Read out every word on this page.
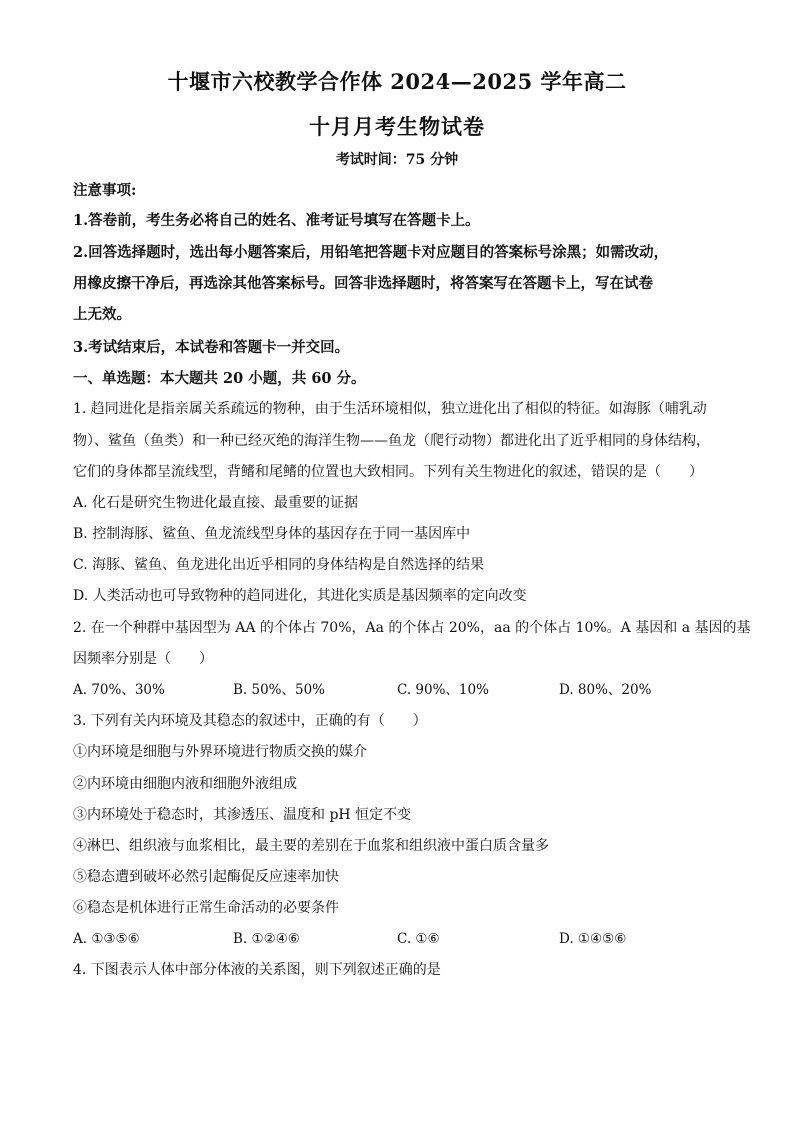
十堰市六校教学合作体 2024—2025 学年高二
十月月考生物试卷
考试时间：75 分钟
注意事项:
1.答卷前，考生务必将自己的姓名、准考证号填写在答题卡上。
2.回答选择题时，选出每小题答案后，用铅笔把答题卡对应题目的答案标号涂黑；如需改动，
用橡皮擦干净后，再选涂其他答案标号。回答非选择题时，将答案写在答题卡上，写在试卷
上无效。
3.考试结束后，本试卷和答题卡一并交回。
一、单选题：本大题共 20 小题，共 60 分。
1. 趋同进化是指亲属关系疏远的物种，由于生活环境相似，独立进化出了相似的特征。如海豚（哺乳动
物）、鲨鱼（鱼类）和一种已经灭绝的海洋生物——鱼龙（爬行动物）都进化出了近乎相同的身体结构，
它们的身体都呈流线型，背鳍和尾鳍的位置也大致相同。下列有关生物进化的叙述，错误的是（　　）
A. 化石是研究生物进化最直接、最重要的证据
B. 控制海豚、鲨鱼、鱼龙流线型身体的基因存在于同一基因库中
C. 海豚、鲨鱼、鱼龙进化出近乎相同的身体结构是自然选择的结果
D. 人类活动也可导致物种的趋同进化，其进化实质是基因频率的定向改变
2. 在一个种群中基因型为 AA 的个体占 70%，Aa 的个体占 20%，aa 的个体占 10%。A 基因和 a 基因的基
因频率分别是（　　）
A. 70%、30%	B. 50%、50%	C. 90%、10%	D. 80%、20%
3. 下列有关内环境及其稳态的叙述中，正确的有（　　）
①内环境是细胞与外界环境进行物质交换的媒介
②内环境由细胞内液和细胞外液组成
③内环境处于稳态时，其渗透压、温度和 pH 恒定不变
④淋巴、组织液与血浆相比，最主要的差别在于血浆和组织液中蛋白质含量多
⑤稳态遭到破坏必然引起酶促反应速率加快
⑥稳态是机体进行正常生命活动的必要条件
A. ①③⑤⑥	B. ①②④⑥	C. ①⑥	D. ①④⑤⑥
4. 下图表示人体中部分体液的关系图，则下列叙述正确的是
